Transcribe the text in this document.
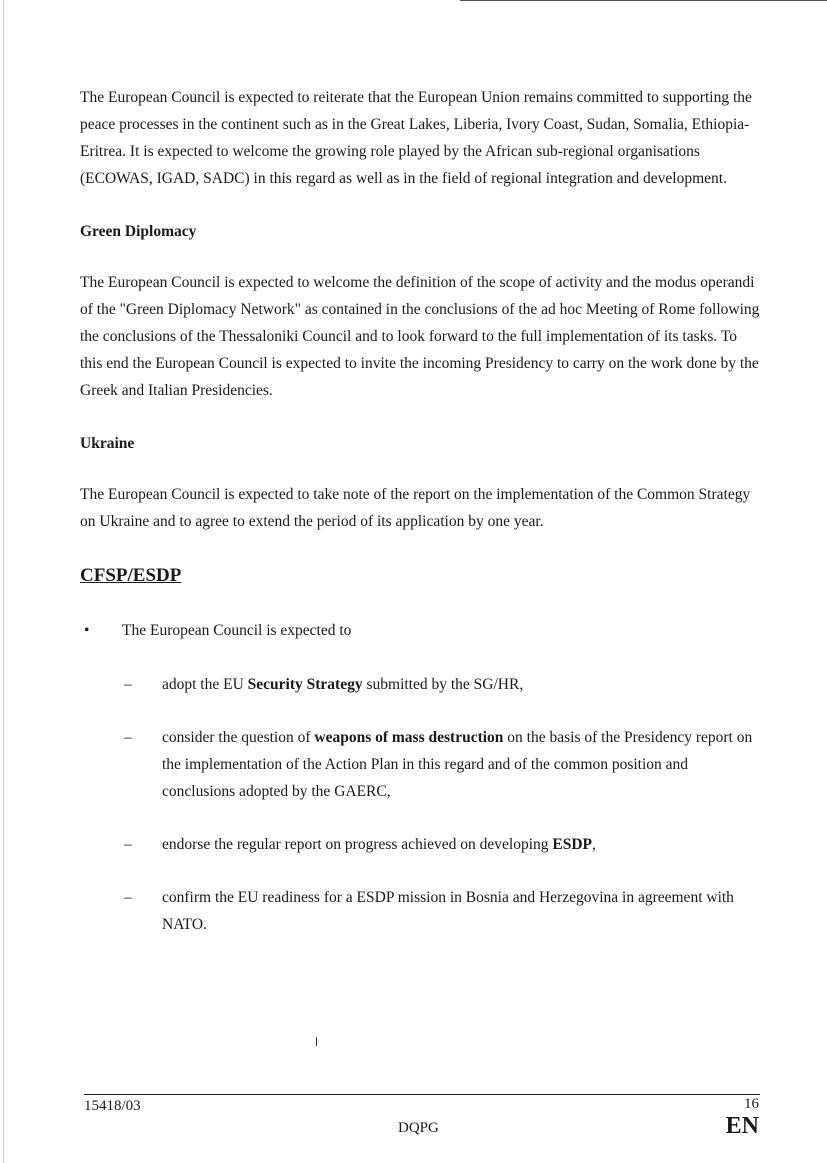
The European Council is expected to reiterate that the European Union remains committed to supporting the peace processes in the continent such as in the Great Lakes, Liberia, Ivory Coast, Sudan, Somalia, Ethiopia-Eritrea. It is expected to welcome the growing role played by the African sub-regional organisations (ECOWAS, IGAD, SADC) in this regard as well as in the field of regional integration and development.

Green Diplomacy

The European Council is expected to welcome the definition of the scope of activity and the modus operandi of the "Green Diplomacy Network" as contained in the conclusions of the ad hoc Meeting of Rome following the conclusions of the Thessaloniki Council and to look forward to the full implementation of its tasks. To this end the European Council is expected to invite the incoming Presidency to carry on the work done by the Greek and Italian Presidencies.

Ukraine

The European Council is expected to take note of the report on the implementation of the Common Strategy on Ukraine and to agree to extend the period of its application by one year.

CFSP/ESDP

• The European Council is expected to
– adopt the EU Security Strategy submitted by the SG/HR,
– consider the question of weapons of mass destruction on the basis of the Presidency report on the implementation of the Action Plan in this regard and of the common position and conclusions adopted by the GAERC,
– endorse the regular report on progress achieved on developing ESDP,
– confirm the EU readiness for a ESDP mission in Bosnia and Herzegovina in agreement with NATO.
15418/03
DQPG
16
EN
